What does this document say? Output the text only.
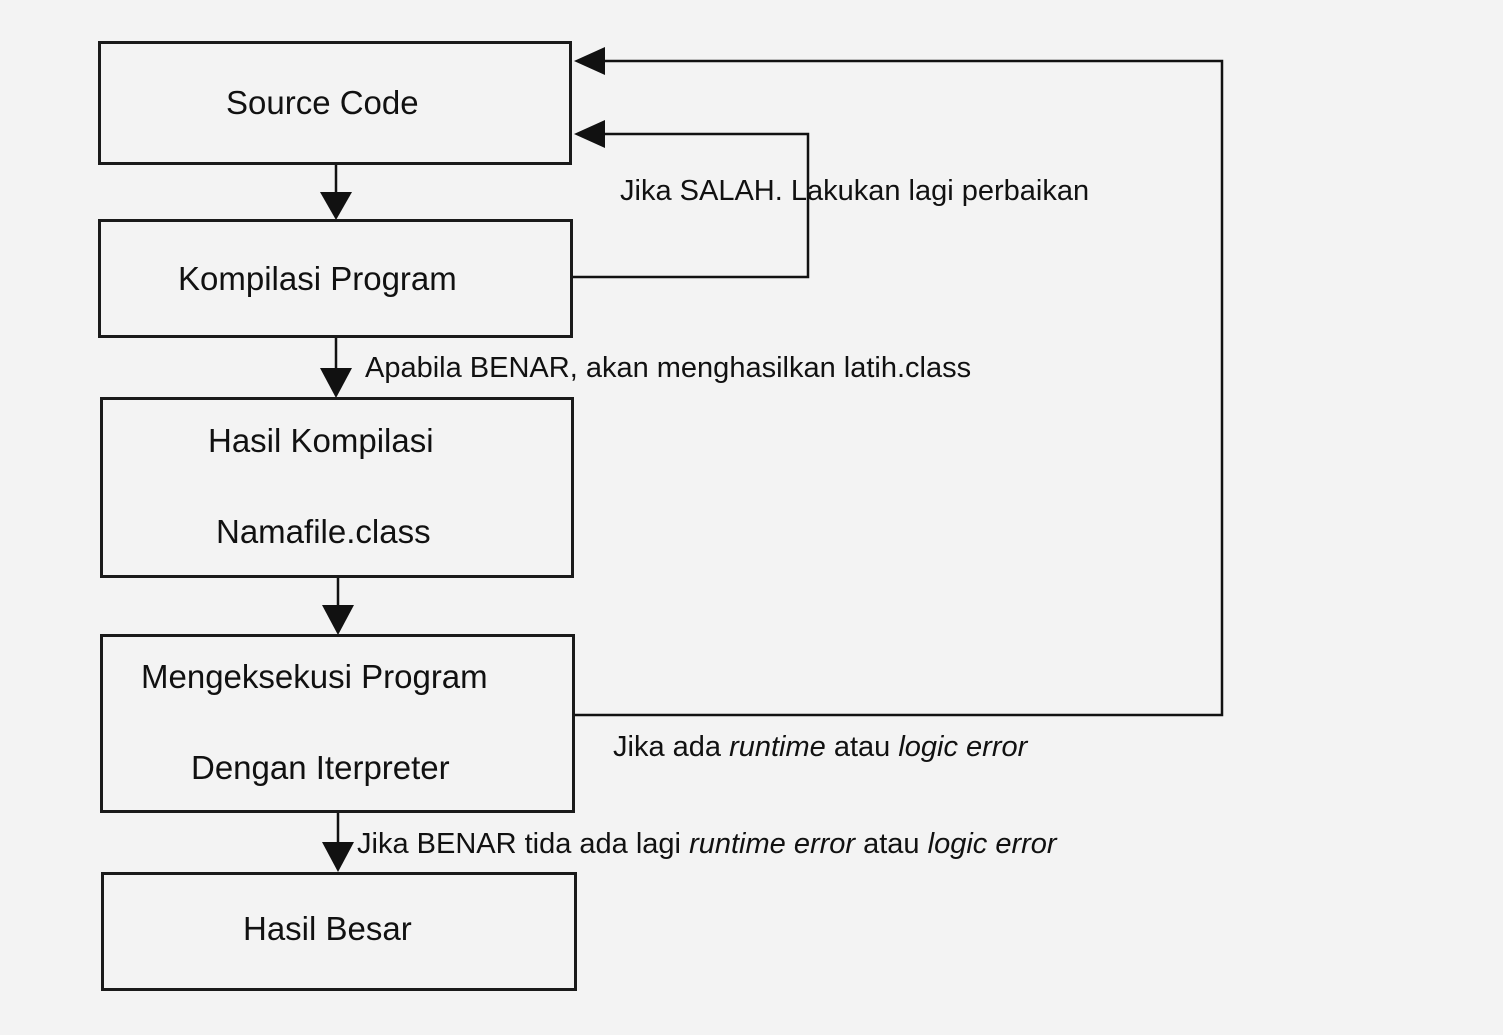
Source Code
Kompilasi Program
Hasil Kompilasi
Namafile.class
Mengeksekusi Program
Dengan Iterpreter
Hasil Besar
Jika SALAH. Lakukan lagi perbaikan
Apabila BENAR, akan menghasilkan latih.class
Jika ada runtime atau logic error
Jika BENAR tida ada lagi runtime error atau logic error
